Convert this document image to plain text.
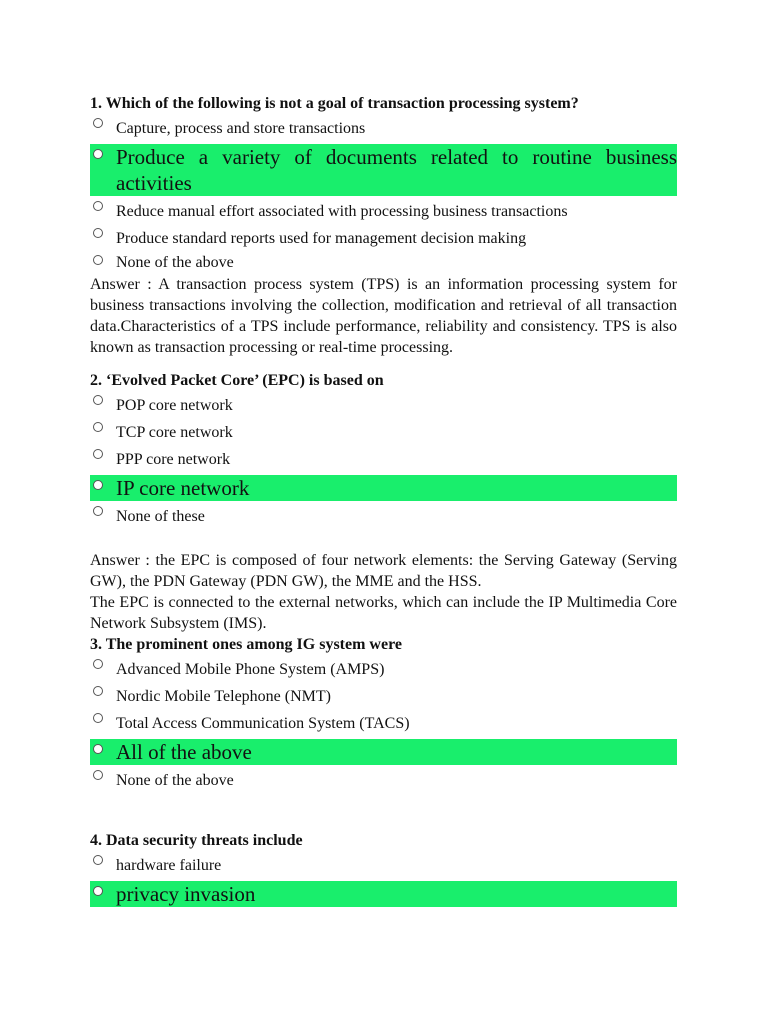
1. Which of the following is not a goal of transaction processing system?

Capture, process and store transactions
Produce a variety of documents related to routine business activities
Reduce manual effort associated with processing business transactions
Produce standard reports used for management decision making
None of the above

Answer : A transaction process system (TPS) is an information processing system for business transactions involving the collection, modification and retrieval of all transaction data.Characteristics of a TPS include performance, reliability and consistency. TPS is also known as transaction processing or real-time processing.

2. ‘Evolved Packet Core’ (EPC) is based on

POP core network
TCP core network
PPP core network
IP core network
None of these

Answer : the EPC is composed of four network elements: the Serving Gateway (Serving GW), the PDN Gateway (PDN GW), the MME and the HSS.
The EPC is connected to the external networks, which can include the IP Multimedia Core Network Subsystem (IMS).

3. The prominent ones among IG system were

Advanced Mobile Phone System (AMPS)
Nordic Mobile Telephone (NMT)
Total Access Communication System (TACS)
All of the above
None of the above

4. Data security threats include

hardware failure
privacy invasion
